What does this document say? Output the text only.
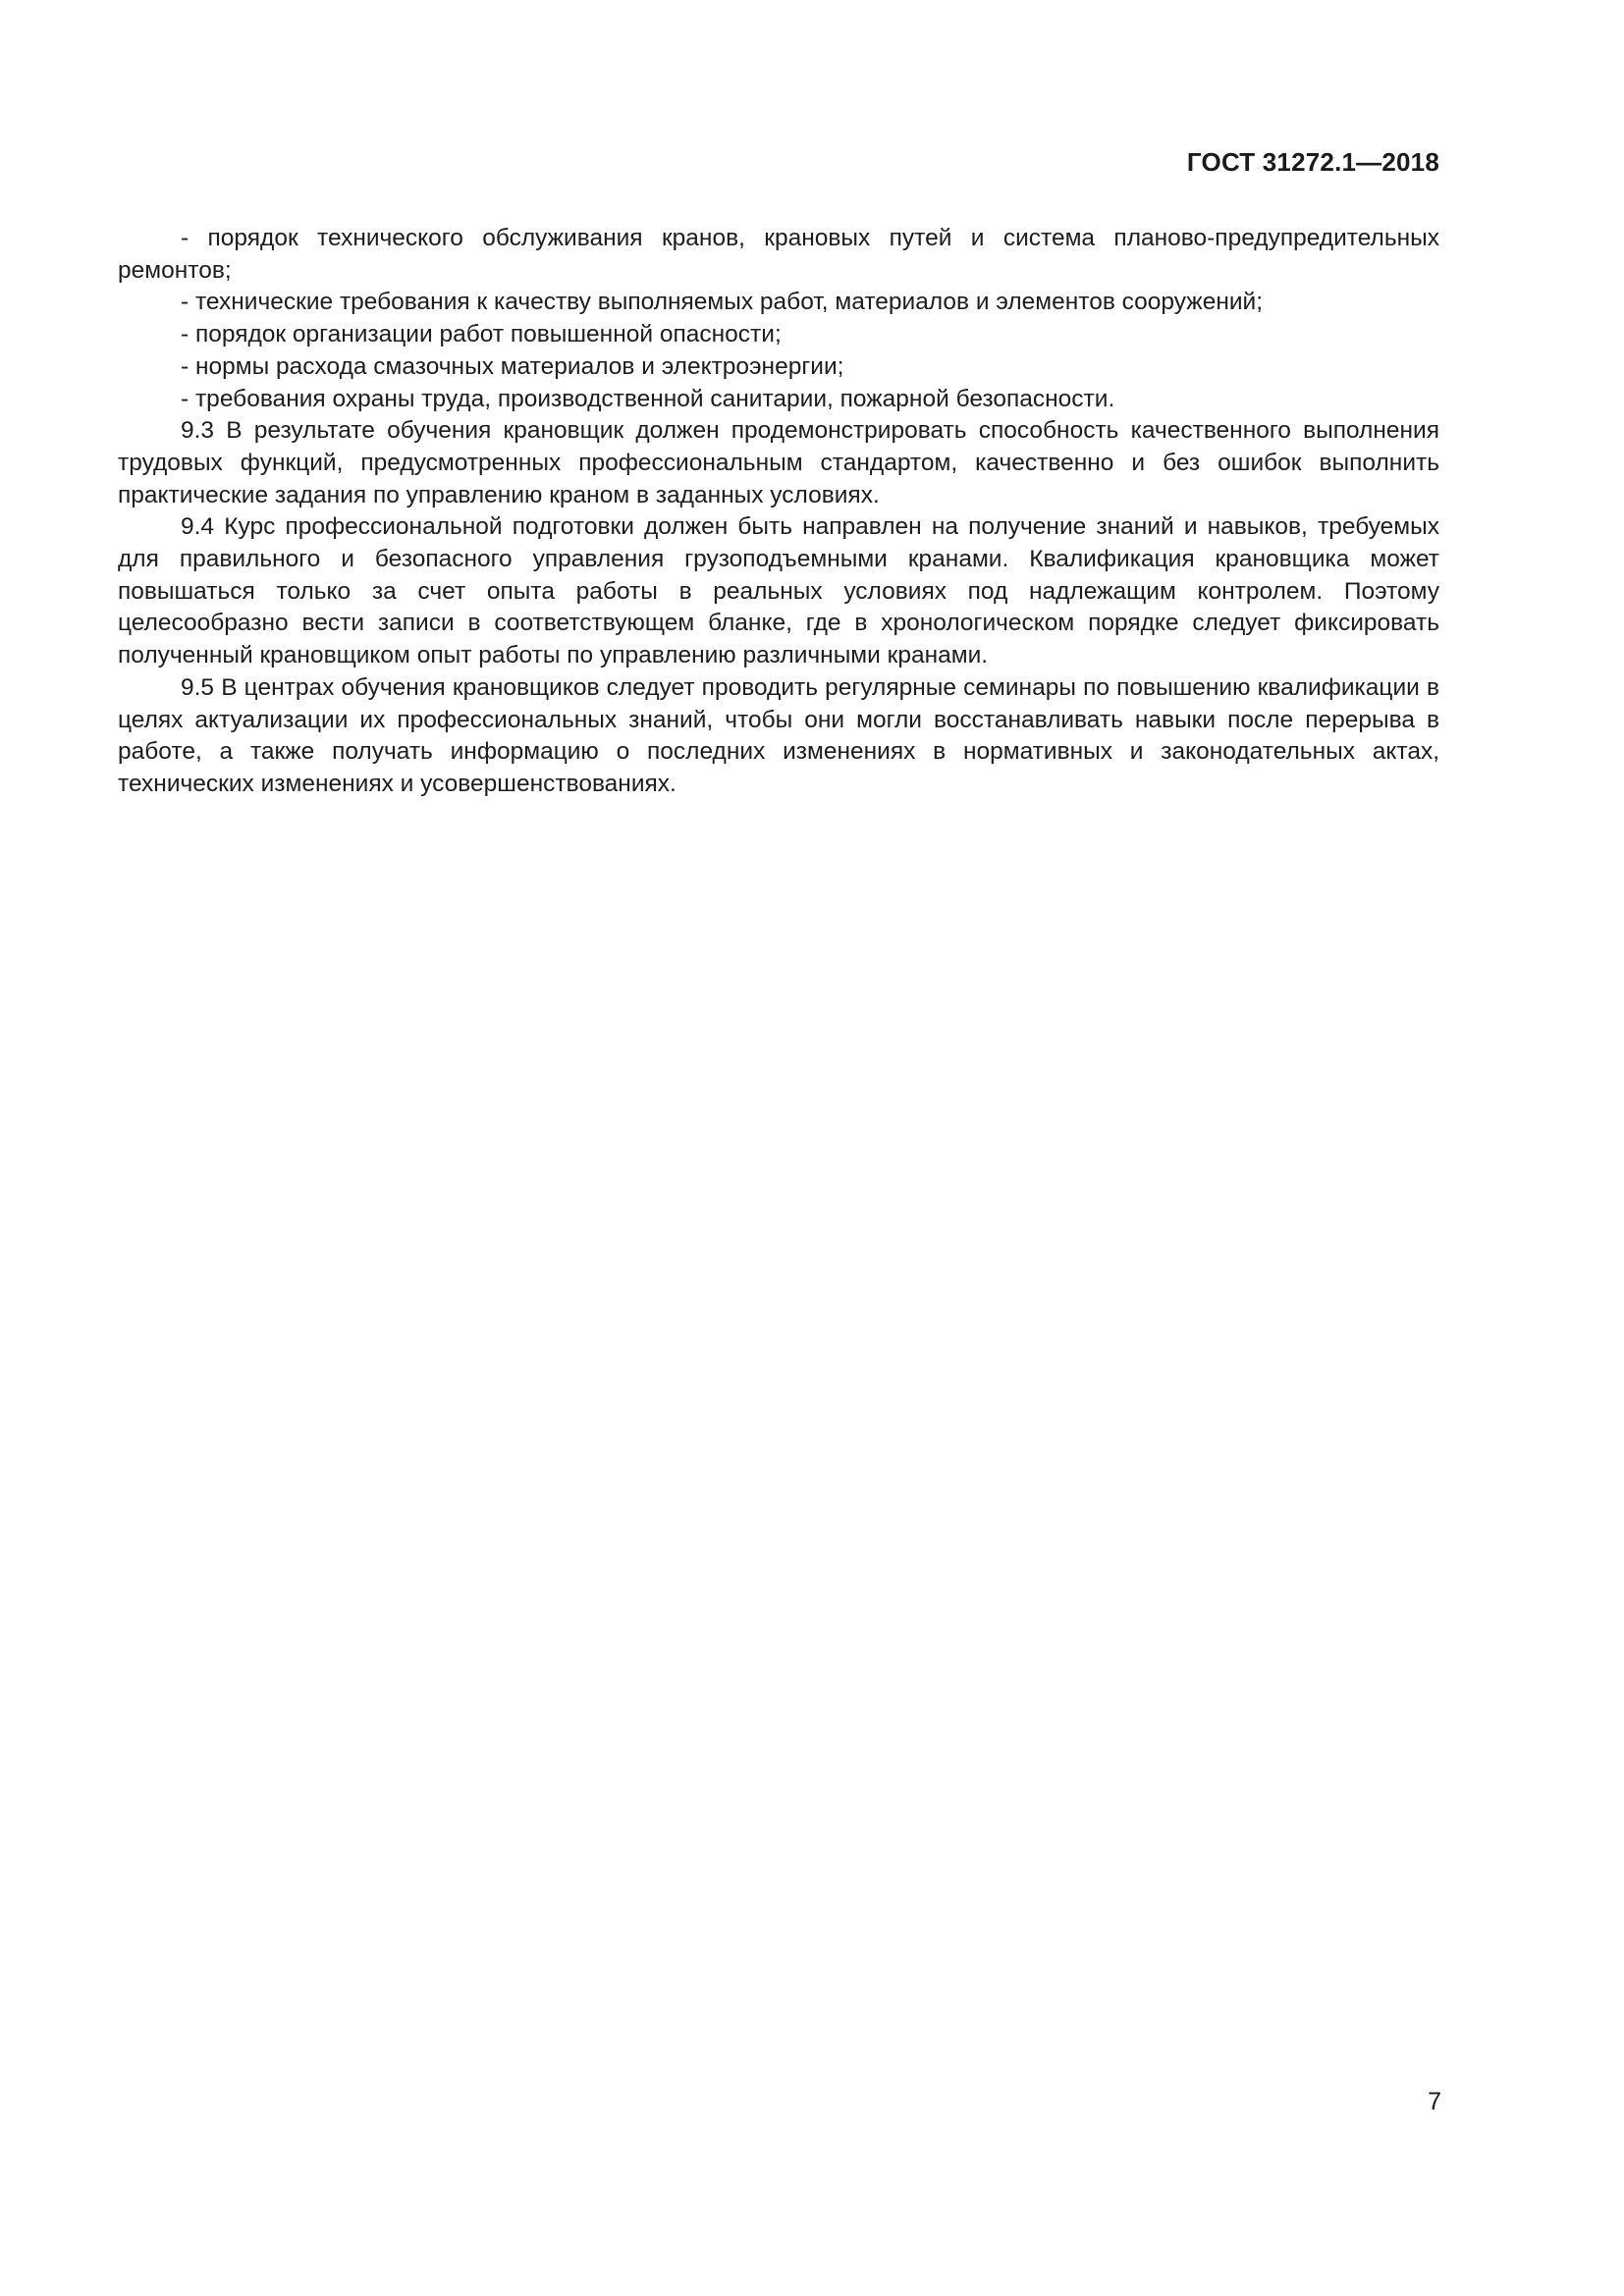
ГОСТ 31272.1—2018
- порядок технического обслуживания кранов, крановых путей и система планово-предупредительных ремонтов;
- технические требования к качеству выполняемых работ, материалов и элементов сооружений;
- порядок организации работ повышенной опасности;
- нормы расхода смазочных материалов и электроэнергии;
- требования охраны труда, производственной санитарии, пожарной безопасности.

9.3 В результате обучения крановщик должен продемонстрировать способность качественного выполнения трудовых функций, предусмотренных профессиональным стандартом, качественно и без ошибок выполнить практические задания по управлению краном в заданных условиях.

9.4 Курс профессиональной подготовки должен быть направлен на получение знаний и навыков, требуемых для правильного и безопасного управления грузоподъемными кранами. Квалификация крановщика может повышаться только за счет опыта работы в реальных условиях под надлежащим контролем. Поэтому целесообразно вести записи в соответствующем бланке, где в хронологическом порядке следует фиксировать полученный крановщиком опыт работы по управлению различными кранами.

9.5 В центрах обучения крановщиков следует проводить регулярные семинары по повышению квалификации в целях актуализации их профессиональных знаний, чтобы они могли восстанавливать навыки после перерыва в работе, а также получать информацию о последних изменениях в нормативных и законодательных актах, технических изменениях и усовершенствованиях.

7
